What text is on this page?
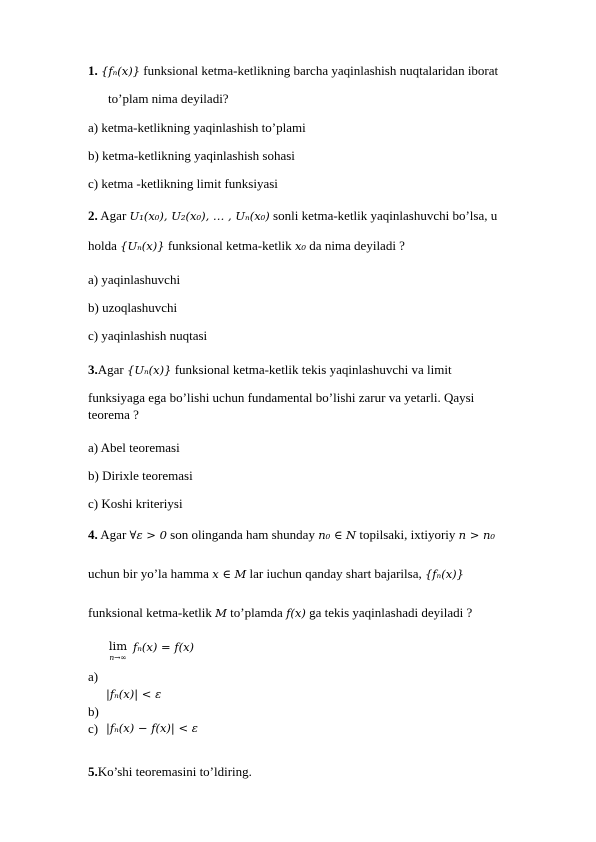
1. {fₙ(x)} funksional ketma-ketlikning barcha yaqinlashish nuqtalaridan iborat
to’plam nima deyiladi?
a) ketma-ketlikning yaqinlashish to’plami
b) ketma-ketlikning yaqinlashish sohasi
c) ketma -ketlikning limit funksiyasi
2. Agar U₁(x₀), U₂(x₀), … , Uₙ(x₀) sonli ketma-ketlik yaqinlashuvchi bo’lsa, u
holda {Uₙ(x)} funksional ketma-ketlik x₀ da nima deyiladi ?
a) yaqinlashuvchi
b) uzoqlashuvchi
c) yaqinlashish nuqtasi
3.Agar {Uₙ(x)} funksional ketma-ketlik tekis yaqinlashuvchi va limit
funksiyaga ega bo’lishi uchun fundamental bo’lishi zarur va yetarli. Qaysi
teorema ?
a) Abel teoremasi
b) Dirixle teoremasi
c) Koshi kriteriysi
4. Agar ∀ε > 0 son olinganda ham shunday n₀ ∈ N topilsaki, ixtiyoriy n > n₀
uchun bir yo’la hamma x ∈ M lar iuchun qanday shart bajarilsa, {fₙ(x)}
funksional ketma-ketlik M to’plamda f(x) ga tekis yaqinlashadi deyiladi ?
lim
n→∞
fₙ(x) = f(x)
a)
|fₙ(x)| < ε
b)
c) |fₙ(x) − f(x)| < ε
5.Ko’shi teoremasini to’ldiring.
